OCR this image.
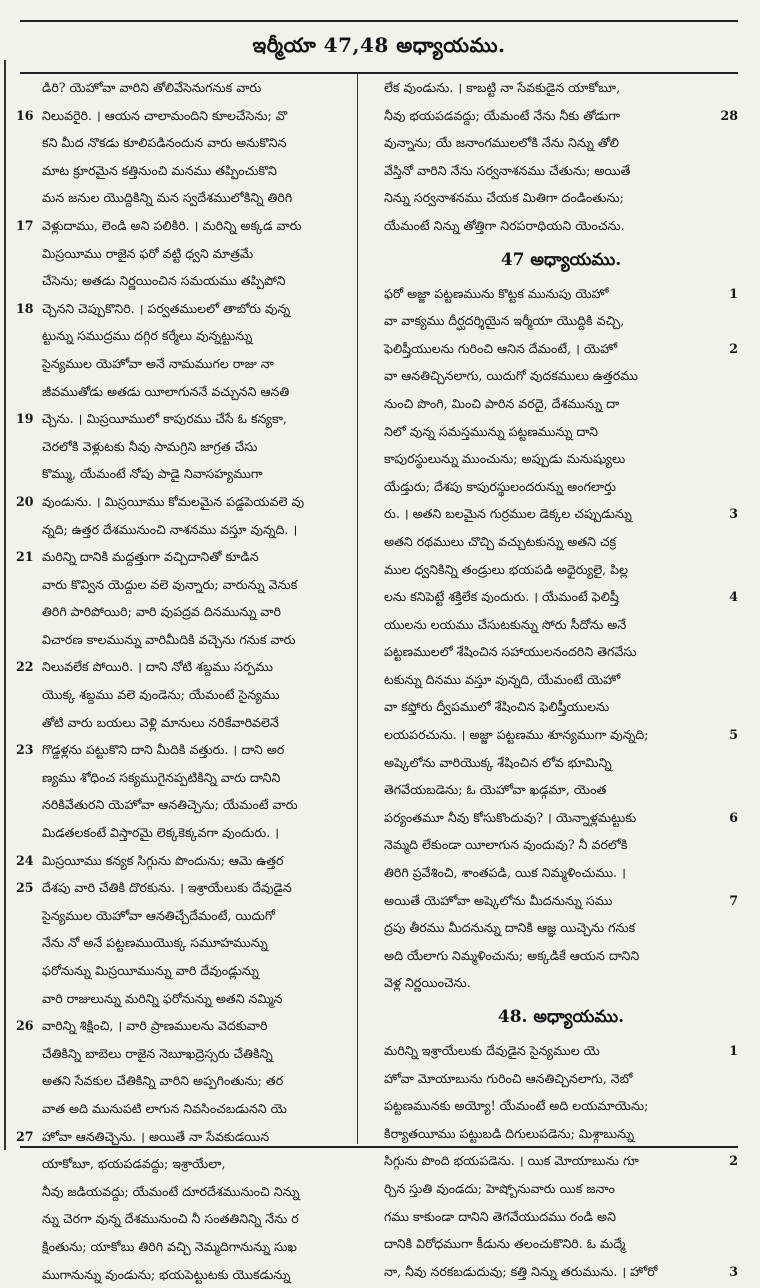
ఇర్మీయా 47,48 అధ్యాయము.
డిరి? యెహోవా వారిని తోలివేసెనుగనుక వారు
నిలువరైరి. । ఆయన చాలామందిని కూలచేసెను; వొ
16
కని మీద నొకడు కూలిపడినందున వారు అనుకొనిన
మాట క్రూరమైన కత్తినుంచి మనము తప్పించుకొని
మన జనుల యొద్దికిన్ని మన స్వదేశములోకిన్ని తిరిగి
వెళ్లుదాము, లెండి అని పలికిరి. । మరిన్ని అక్కడ వారు
17
మిస్రయీము రాజైన ఫరో వట్టి ధ్వని మాత్రమే
చేసెను; అతడు నిర్ణయించిన సమయము తప్పిపోని
చ్చెనని చెప్పుకొనిరి. । పర్వతములలో తాబోరు వున్న
18
ట్టున్ను సముద్రము దగ్గిర కర్మేలు వున్నట్టున్ను
సైన్యముల యెహోవా అనే నామముగల రాజు నా
జీవముతోడు అతడు యీలాగుననే వచ్చునని ఆనతి
చ్చెను. । మిస్రయీములో కాపురము చేసే ఓ కన్యకా,
19
చెరలోకి వెళ్లుటకు నీవు సామగ్రిని జాగ్రత చేసు
కొమ్ము, యేమంటే నోపు పాడై నివాసహ్యముగా
వుండును. । మిస్రయీము కోమలమైన పడ్డపెయవలె వు
20
న్నది; ఉత్తర దేశమునుంచి నాశనము వస్తూ వున్నది. ।
మరిన్ని దానికి మద్దత్తుగా వచ్చిదానితో కూడిన
21
వారు కొవ్విన యెద్దుల వలె వున్నారు; వారున్ను వెనుక
తిరిగి పారిపోయిరి; వారి వుపద్రవ దినమున్ను వారి
విచారణ కాలమున్ను వారిమీదికి వచ్చెను గనుక వారు
నిలువలేక పోయిరి. । దాని నోటి శబ్దము సర్పము
22
యొక్క శబ్దము వలె వుండెను; యేమంటే సైన్యము
తోటి వారు బయలు వెళ్లి మానులు నరికేవారివలెనే
గొడ్డళ్లను పట్టుకొని దాని మీదికి వత్తురు. । దాని అర
23
ణ్యము శోధించ సక్యముగైనప్పటికిన్ని వారు దానిని
నరికివేతురని యెహోవా ఆనతిచ్చెను; యేమంటే వారు
మిడతలకంటే విస్తారమై లెక్కకెక్కవగా వుందురు. ।
మిస్రయీము కన్యక సిగ్గును పొందును; ఆమె ఉత్తర
24
దేశపు వారి చేతికి దొరకును. । ఇశ్రాయేలుకు దేవుడైన
25
సైన్యముల యెహోవా ఆనతిచ్చేదేమంటే, యిదుగో
నేను నో అనే పట్టణముయొక్క సమూహమున్ను
ఫరోనున్ను మిస్రయీమున్ను వారి దేవుండ్లున్ను
వారి రాజులున్ను మరిన్ని ఫరోనున్ను అతని నమ్మిన
వారిన్ని శిక్షించి, । వారి ప్రాణములను వెదకువారి
26
చేతికిన్ని బాబెలు రాజైన నెబూఖద్రెస్సరు చేతికిన్ని
అతని సేవకుల చేతికిన్ని వారిని అప్పగింతును; తర
వాత అది మునుపటి లాగున నివసించబడునని యె
హోవా ఆనతిచ్చెను. । అయితే నా సేవకుడయిన
27
యాకోబూ, భయపడవద్దు; ఇశ్రాయేలా,
నీవు జడియవద్దు; యేమంటే దూరదేశమునుంచి నిన్ను
న్ను చెరగా వున్న దేశమునుంచి నీ సంతతినిన్ని నేను ర
క్షింతును; యాకోబు తిరిగి వచ్చి నెమ్మదిగానున్ను సుఖ
ముగానున్ను వుండును; భయపెట్టుటకు యొకడున్ను
లేక వుండును. । కాబట్టి నా సేవకుడైన యాకోబూ,
నీవు భయపడవద్దు; యేమంటే నేను నీకు తోడుగా	28
వున్నాను; యే జనాంగములలోకి నేను నిన్ను తోలి
వేస్తినో వారిని నేను సర్వనాశనము చేతును; అయితే
నిన్ను సర్వనాశనము చేయక మితిగా దండింతును;
యేమంటే నిన్ను తోత్తిగా నిరపరాధియని యెంచను.
47 అధ్యాయము.
ఫరో అజ్జా పట్టణమును కొట్టక మునుపు యెహో	1
వా వాక్యము దీర్ఘదర్శియైన ఇర్మీయా యొద్దికి వచ్చి,
ఫెలిష్తీయులను గురించి ఆనిన దేమంటే, । యెహో	2
వా ఆనతిచ్చినలాగు, యిదుగో వుదకములు ఉత్తరము
నుంచి పొంగి, మించి పారిన వరదై, దేశమున్ను దా
నిలో వున్న సమస్తమున్ను పట్టణమున్ను దాని
కాపురస్థులున్ను ముంచును; అప్పుడు మనుష్యులు
యేడ్తురు; దేశపు కాపురస్థులందరున్ను అంగలార్తు
రు. । అతని బలమైన గుర్రముల డెక్కల చప్పుడున్ను	3
అతని రథములు చొచ్చి వచ్చుటకున్ను అతని చక్ర
ముల ధ్వనికిన్ని తండ్రులు భయపడి అధైర్యులై, పిల్ల
లను కనిపెట్టే శక్తిలేక వుందురు. । యేమంటే ఫెలిష్తీ	4
యులను లయము చేసుటకున్ను సోరు సీదోను అనే
పట్టణములలో శేషించిన సహాయులనందరిని తెగవేసు
టకున్ను దినము వస్తూ వున్నది, యేమంటే యెహో
వా కఫ్తోరు ద్వీపములో శేషించిన ఫెలిష్తీయులను
లయపరచును. । అజ్జా పట్టణము శూన్యముగా వున్నది;	5
అష్కెలోను వారియొక్క శేషించిన లోవ భూమిన్ని
తెగవేయబడెను; ఓ యెహోవా ఖడ్గమా, యెంత
పర్యంతమూ నీవు కోసుకొందువు? । యెన్నాళ్లమట్టుకు	6
నెమ్మది లేకుండా యీలాగున వుందువు? నీ వరలోకి
తిరిగి ప్రవేశించి, శాంతపడి, యిక నిమ్మళించుము. ।
అయితే యెహోవా అష్కెలోను మీదనున్ను సము	7
ద్రపు తీరము మీదనున్ను దానికి ఆజ్ఞ యిచ్చెను గనుక
అది యేలాగు నిమ్మళించును; అక్కడికే ఆయన దానిని
వెళ్ల నిర్ణయించెను.
48. అధ్యాయము.
మరిన్ని ఇశ్రాయేలుకు దేవుడైన సైన్యముల యె	1
హోవా మోయాబును గురించి ఆనతిచ్చినలాగు, నెబో
పట్టణమునకు అయ్యో! యేమంటే అది లయమాయెను;
కిర్యాతయీము పట్టుబడి దిగులుపడెను; మిశ్గాబున్ను
సిగ్గును పొంది భయపడెను. । యిక మోయాబును గూ	2
ర్చిన స్తుతి వుండదు; హెష్బోనువారు యిక జనాం
గము కాకుండా దానిని తెగవేయుదము రండి అని
దానికి విరోధముగా కీడును తలంచుకొనిరి. ఓ మద్మే
నా, నీవు నరకబడుదువు; కత్తి నిన్ను తరుమును. । హోరో	3
